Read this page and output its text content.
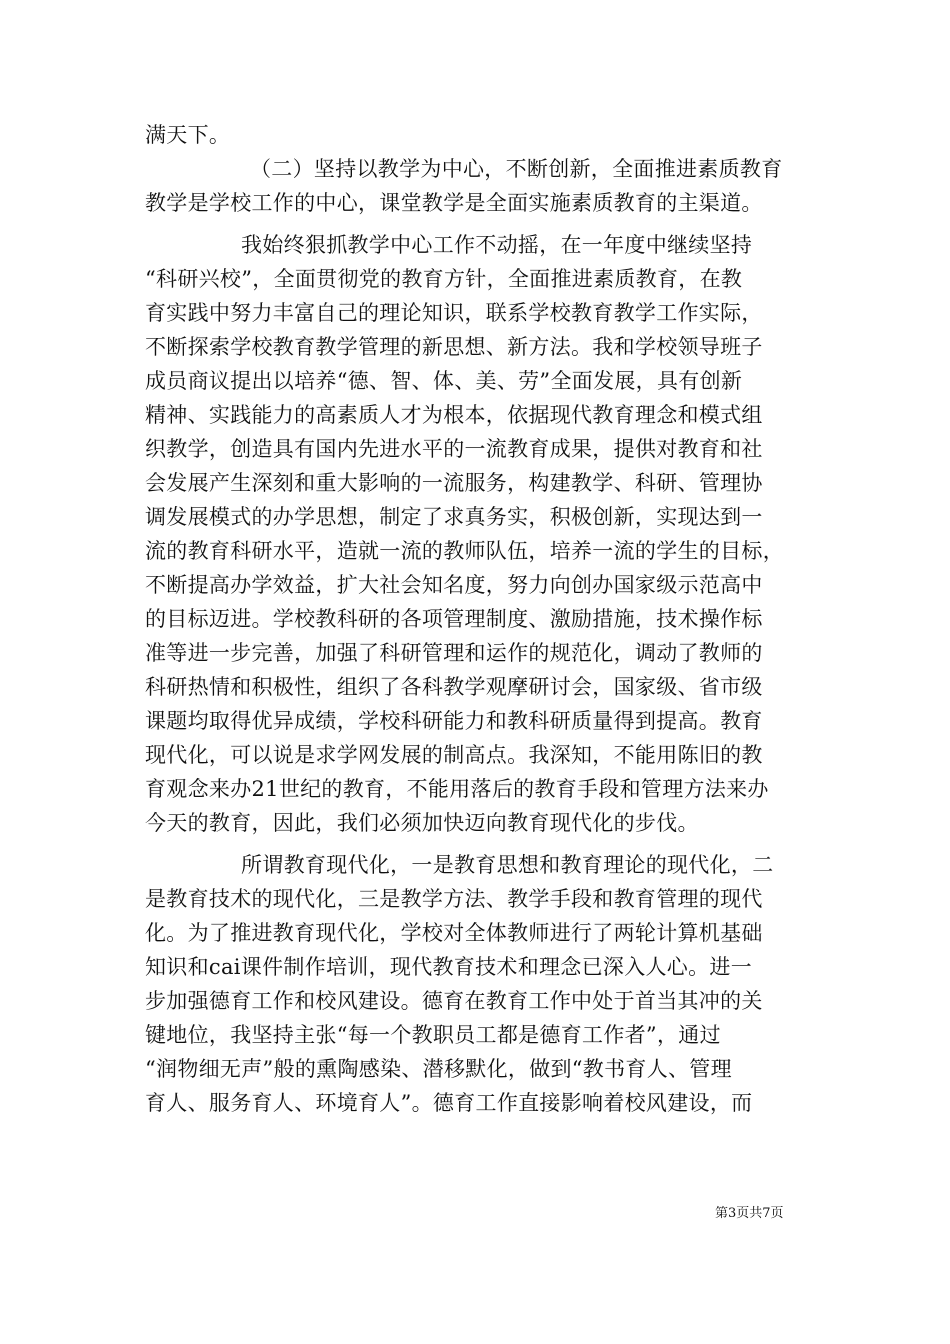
满天下。
（二）坚持以教学为中心，不断创新，全面推进素质教育
教学是学校工作的中心，课堂教学是全面实施素质教育的主渠道。
我始终狠抓教学中心工作不动摇，在一年度中继续坚持
“科研兴校”，全面贯彻党的教育方针，全面推进素质教育，在教
育实践中努力丰富自己的理论知识，联系学校教育教学工作实际，
不断探索学校教育教学管理的新思想、新方法。我和学校领导班子
成员商议提出以培养“德、智、体、美、劳”全面发展，具有创新
精神、实践能力的高素质人才为根本，依据现代教育理念和模式组
织教学，创造具有国内先进水平的一流教育成果，提供对教育和社
会发展产生深刻和重大影响的一流服务，构建教学、科研、管理协
调发展模式的办学思想，制定了求真务实，积极创新，实现达到一
流的教育科研水平，造就一流的教师队伍，培养一流的学生的目标，
不断提高办学效益，扩大社会知名度，努力向创办国家级示范高中
的目标迈进。学校教科研的各项管理制度、激励措施，技术操作标
准等进一步完善，加强了科研管理和运作的规范化，调动了教师的
科研热情和积极性，组织了各科教学观摩研讨会，国家级、省市级
课题均取得优异成绩，学校科研能力和教科研质量得到提高。教育
现代化，可以说是求学网发展的制高点。我深知，不能用陈旧的教
育观念来办21世纪的教育，不能用落后的教育手段和管理方法来办
今天的教育，因此，我们必须加快迈向教育现代化的步伐。
所谓教育现代化，一是教育思想和教育理论的现代化，二
是教育技术的现代化，三是教学方法、教学手段和教育管理的现代
化。为了推进教育现代化，学校对全体教师进行了两轮计算机基础
知识和cai课件制作培训，现代教育技术和理念已深入人心。进一
步加强德育工作和校风建设。德育在教育工作中处于首当其冲的关
键地位，我坚持主张“每一个教职员工都是德育工作者”，通过
“润物细无声”般的熏陶感染、潜移默化，做到“教书育人、管理
育人、服务育人、环境育人”。德育工作直接影响着校风建设，而
第3页共7页
